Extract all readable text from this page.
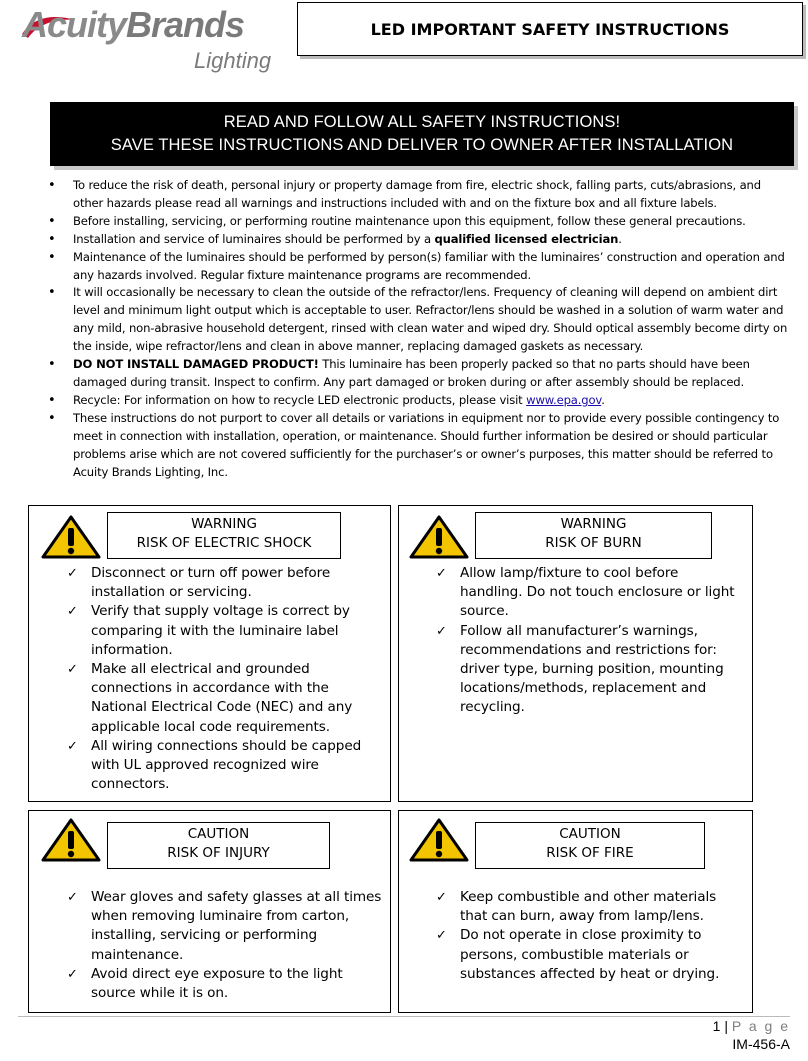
AcuityBrands
Lighting
LED IMPORTANT SAFETY INSTRUCTIONS
READ AND FOLLOW ALL SAFETY INSTRUCTIONS!
SAVE THESE INSTRUCTIONS AND DELIVER TO OWNER AFTER INSTALLATION
• To reduce the risk of death, personal injury or property damage from fire, electric shock, falling parts, cuts/abrasions, and other hazards please read all warnings and instructions included with and on the fixture box and all fixture labels.
• Before installing, servicing, or performing routine maintenance upon this equipment, follow these general precautions.
• Installation and service of luminaires should be performed by a qualified licensed electrician.
• Maintenance of the luminaires should be performed by person(s) familiar with the luminaires’ construction and operation and any hazards involved. Regular fixture maintenance programs are recommended.
• It will occasionally be necessary to clean the outside of the refractor/lens. Frequency of cleaning will depend on ambient dirt level and minimum light output which is acceptable to user. Refractor/lens should be washed in a solution of warm water and any mild, non-abrasive household detergent, rinsed with clean water and wiped dry. Should optical assembly become dirty on the inside, wipe refractor/lens and clean in above manner, replacing damaged gaskets as necessary.
• DO NOT INSTALL DAMAGED PRODUCT! This luminaire has been properly packed so that no parts should have been damaged during transit. Inspect to confirm. Any part damaged or broken during or after assembly should be replaced.
• Recycle: For information on how to recycle LED electronic products, please visit www.epa.gov.
• These instructions do not purport to cover all details or variations in equipment nor to provide every possible contingency to meet in connection with installation, operation, or maintenance. Should further information be desired or should particular problems arise which are not covered sufficiently for the purchaser’s or owner’s purposes, this matter should be referred to Acuity Brands Lighting, Inc.
WARNING
RISK OF ELECTRIC SHOCK
✓ Disconnect or turn off power before installation or servicing.
✓ Verify that supply voltage is correct by comparing it with the luminaire label information.
✓ Make all electrical and grounded connections in accordance with the National Electrical Code (NEC) and any applicable local code requirements.
✓ All wiring connections should be capped with UL approved recognized wire connectors.
WARNING
RISK OF BURN
✓ Allow lamp/fixture to cool before handling. Do not touch enclosure or light source.
✓ Follow all manufacturer’s warnings, recommendations and restrictions for: driver type, burning position, mounting locations/methods, replacement and recycling.
CAUTION
RISK OF INJURY
✓ Wear gloves and safety glasses at all times when removing luminaire from carton, installing, servicing or performing maintenance.
✓ Avoid direct eye exposure to the light source while it is on.
CAUTION
RISK OF FIRE
✓ Keep combustible and other materials that can burn, away from lamp/lens.
✓ Do not operate in close proximity to persons, combustible materials or substances affected by heat or drying.
1 | P a g e
IM-456-A
